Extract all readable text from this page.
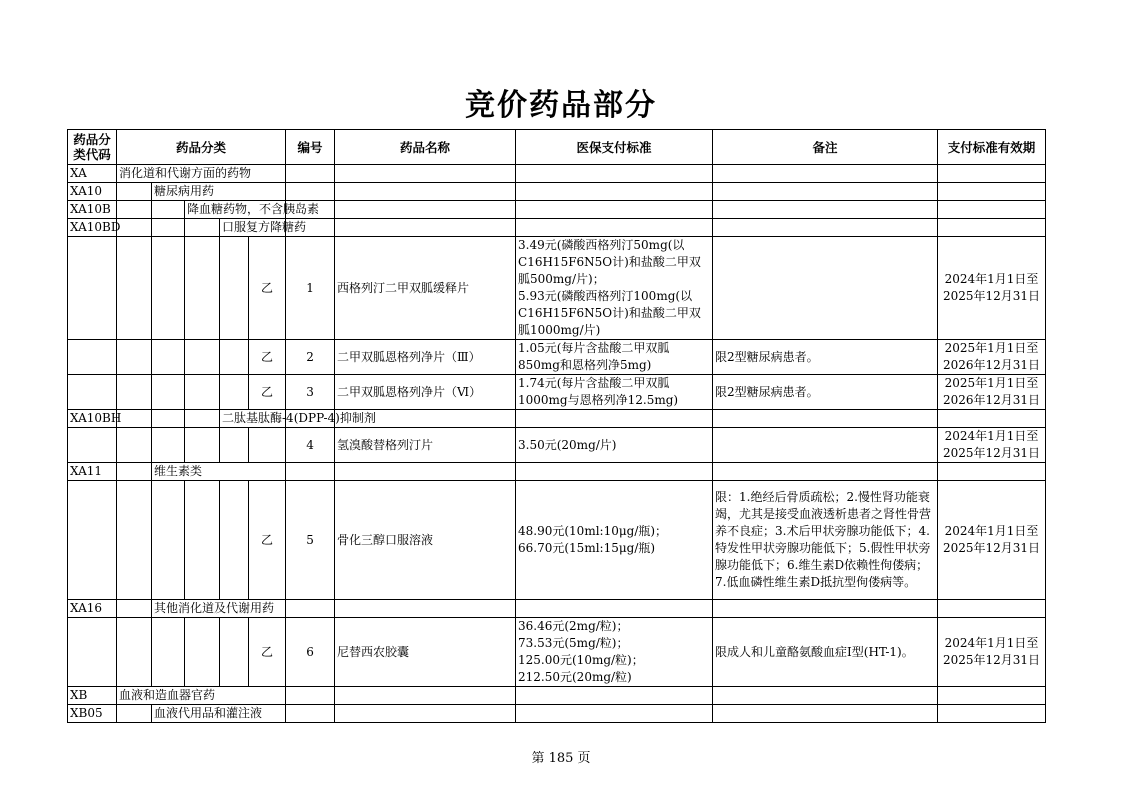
竞价药品部分
药品分
类代码	药品分类					编号	药品名称	医保支付标准	备注	支付标准有效期
XA	消化道和代谢方面的药物									
XA10		糖尿病用药								
XA10B			降血糖药物，不含胰岛素							
XA10BD				口服复方降糖药						
					乙	1	西格列汀二甲双胍缓释片	3.49元(磷酸西格列汀50mg(以C16H15F6N5O计)和盐酸二甲双胍500mg/片)；
5.93元(磷酸西格列汀100mg(以C16H15F6N5O计)和盐酸二甲双胍1000mg/片)		2024年1月1日至
2025年12月31日
					乙	2	二甲双胍恩格列净片（Ⅲ）	1.05元(每片含盐酸二甲双胍850mg和恩格列净5mg)	限2型糖尿病患者。	2025年1月1日至
2026年12月31日
					乙	3	二甲双胍恩格列净片（Ⅵ）	1.74元(每片含盐酸二甲双胍1000mg与恩格列净12.5mg)	限2型糖尿病患者。	2025年1月1日至
2026年12月31日
XA10BH				二肽基肽酶-4(DPP-4)抑制剂						
						4	氢溴酸替格列汀片	3.50元(20mg/片)		2024年1月1日至
2025年12月31日
XA11		维生素类								
					乙	5	骨化三醇口服溶液	48.90元(10ml:10μg/瓶)；
66.70元(15ml:15μg/瓶)	限：1.绝经后骨质疏松；2.慢性肾功能衰竭，尤其是接受血液透析患者之肾性骨营养不良症；3.术后甲状旁腺功能低下；4.特发性甲状旁腺功能低下；5.假性甲状旁腺功能低下；6.维生素D依赖性佝偻病；7.低血磷性维生素D抵抗型佝偻病等。	2024年1月1日至
2025年12月31日
XA16		其他消化道及代谢用药								
					乙	6	尼替西农胶囊	36.46元(2mg/粒)；
73.53元(5mg/粒)；
125.00元(10mg/粒)；
212.50元(20mg/粒)	限成人和儿童酪氨酸血症Ⅰ型(HT-1)。	2024年1月1日至
2025年12月31日
XB	血液和造血器官药									
XB05		血液代用品和灌注液								
第 185 页
